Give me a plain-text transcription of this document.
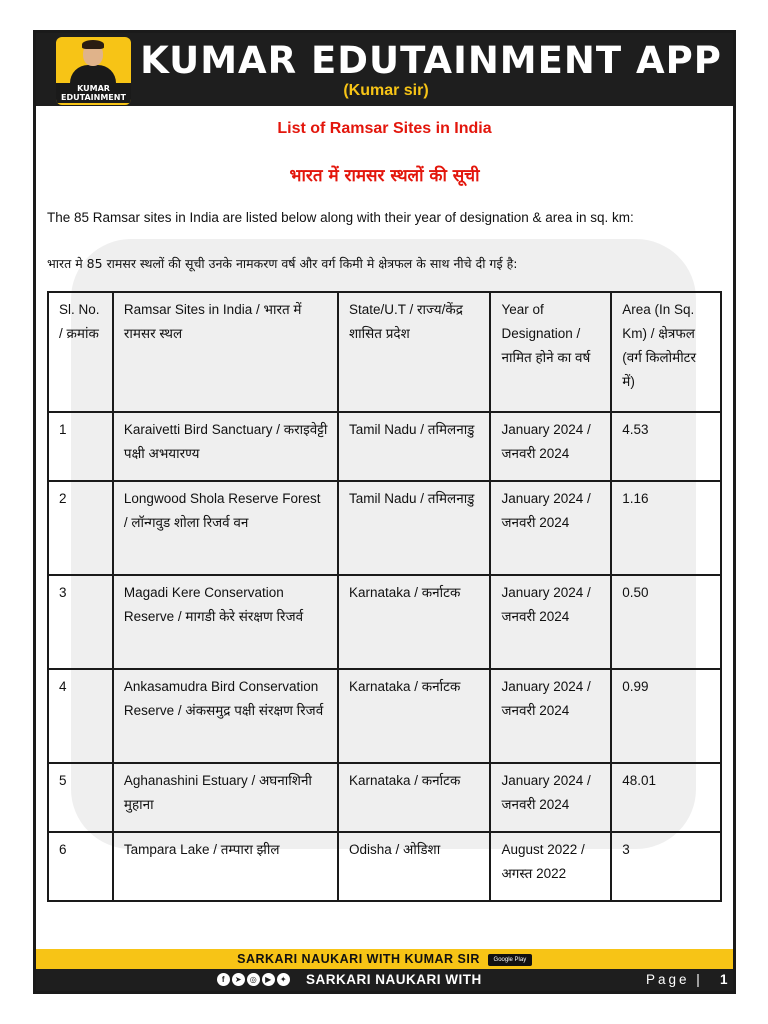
KUMAR
EDUTAINMENT
KUMAR EDUTAINMENT APP
(Kumar sir)
List of Ramsar Sites in India
भारत में रामसर स्थलों की सूची
The 85 Ramsar sites in India are listed below along with their year of designation & area in sq. km:
भारत मे 85 रामसर स्थलों की सूची उनके नामकरण वर्ष और वर्ग किमी मे क्षेत्रफल के साथ नीचे दी गई है:
Sl. No. / क्रमांक	Ramsar Sites in India / भारत में रामसर स्थल	State/U.T / राज्य/केंद्र शासित प्रदेश	Year of Designation / नामित होने का वर्ष	Area (In Sq. Km) / क्षेत्रफल (वर्ग किलोमीटर में)
1	Karaivetti Bird Sanctuary / कराइवेट्टी पक्षी अभयारण्य	Tamil Nadu / तमिलनाडु	January 2024 / जनवरी 2024	4.53
2	Longwood Shola Reserve Forest / लॉन्गवुड शोला रिजर्व वन	Tamil Nadu / तमिलनाडु	January 2024 / जनवरी 2024	1.16
3	Magadi Kere Conservation Reserve / मागडी केरे संरक्षण रिजर्व	Karnataka / कर्नाटक	January 2024 / जनवरी 2024	0.50
4	Ankasamudra Bird Conservation Reserve / अंकसमुद्र पक्षी संरक्षण रिजर्व	Karnataka / कर्नाटक	January 2024 / जनवरी 2024	0.99
5	Aghanashini Estuary / अघनाशिनी मुहाना	Karnataka / कर्नाटक	January 2024 / जनवरी 2024	48.01
6	Tampara Lake / तम्पारा झील	Odisha / ओडिशा	August 2022 / अगस्त 2022	3
SARKARI NAUKARI WITH KUMAR SIR Google Play
f ➤ ◎ ▶ ✦	SARKARI NAUKARI WITH	Page | 1
